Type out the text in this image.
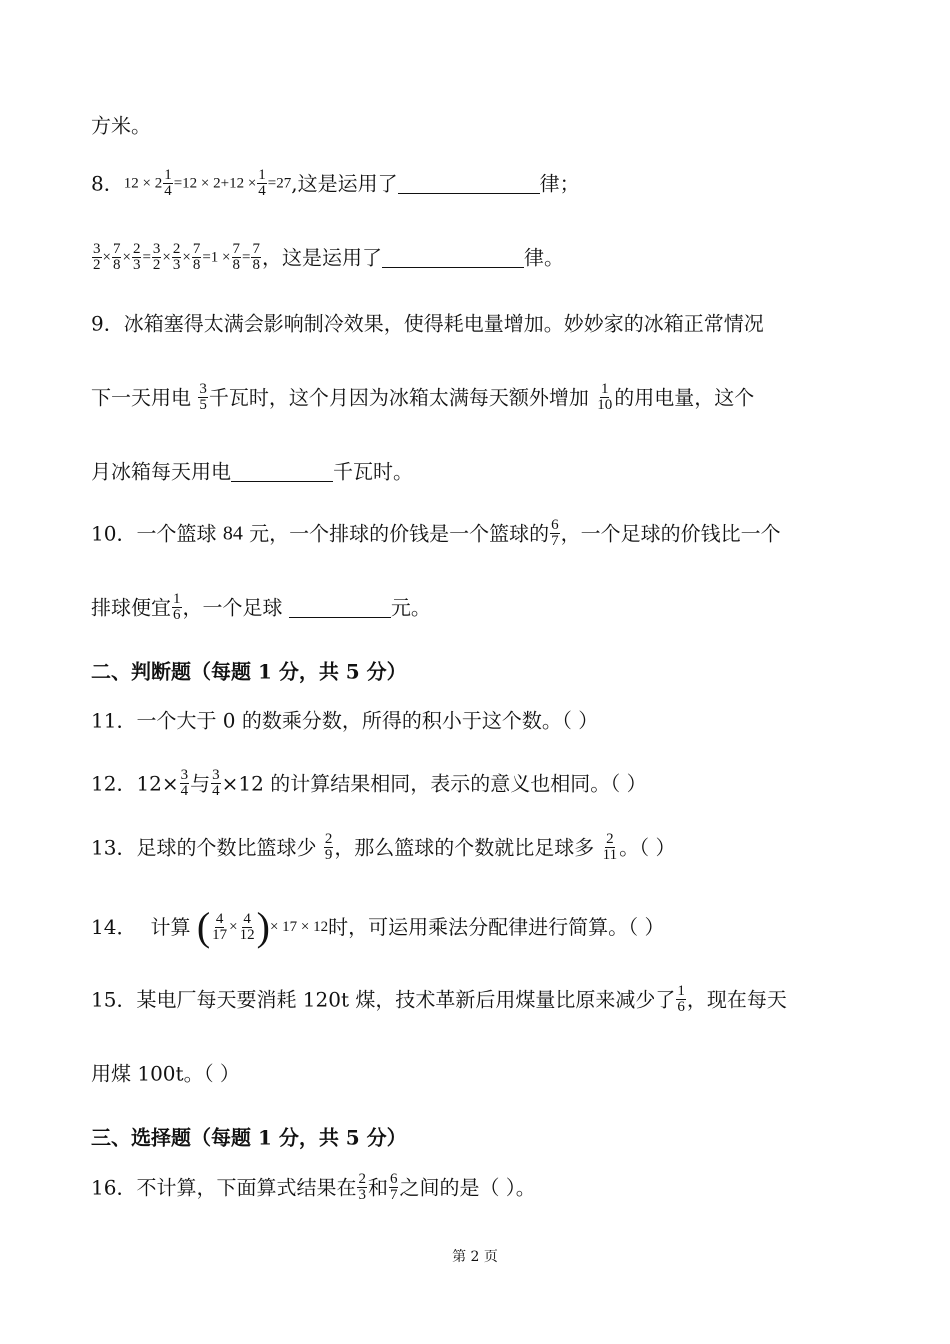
方米。
8．$12 \times 2 \frac{1}{4} =12 \times 2+12 \times \frac{1}{4} =27$,这是运用了	律；
$\frac{3}{2} \times \frac{7}{8} \times \frac{2}{3} = \frac{3}{2} \times \frac{2}{3} \times \frac{7}{8} =1 \times \frac{7}{8} = \frac{7}{8}$ ，这是运用了	律。
9．冰箱塞得太满会影响制冷效果，使得耗电量增加。妙妙家的冰箱正常情况
下一天用电 $\frac{3}{5}$ 千瓦时，这个月因为冰箱太满每天额外增加 $\frac{1}{10}$ 的用电量，这个
月冰箱每天用电	千瓦时。
10．一个篮球 84 元，一个排球的价钱是一个篮球的 $\frac{6}{7}$ ，一个足球的价钱比一个
排球便宜 $\frac{1}{6}$ ，一个足球	元。
二、判断题（每题 1 分，共 5 分）
11．一个大于 0 的数乘分数，所得的积小于这个数。（ ）
12．$12\times \frac{3}{4}$ 与 $\frac{3}{4} \times 12$ 的计算结果相同，表示的意义也相同。（ ）
13．足球的个数比篮球少 $\frac{2}{9}$ ，那么篮球的个数就比足球多 $\frac{2}{11}$ 。（ ）
14． 计算 ( $\frac{4}{17} \times \frac{4}{12}$ )× 17 × 12时，可运用乘法分配律进行简算。（ ）
15．某电厂每天要消耗 120t 煤，技术革新后用煤量比原来减少了 $\frac{1}{6}$ ，现在每天
用煤 100t。（ ）
三、选择题（每题 1 分，共 5 分）
16．不计算，下面算式结果在 $\frac{2}{3}$ 和 $\frac{6}{7}$ 之间的是（ ）。
第 2 页
